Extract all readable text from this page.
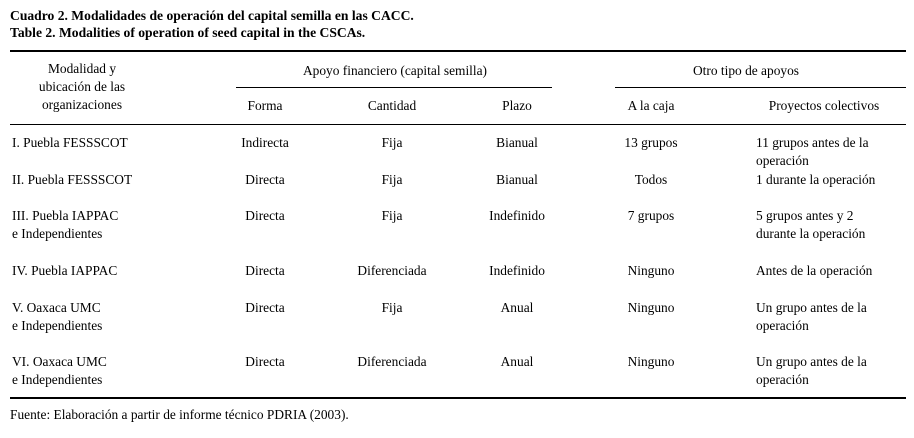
Cuadro 2. Modalidades de operación del capital semilla en las CACC.
Table 2. Modalities of operation of seed capital in the CSCAs.
Modalidad y
ubicación de las
organizaciones
Apoyo financiero (capital semilla)	Otro tipo de apoyos
Forma	Cantidad	Plazo	A la caja	Proyectos colectivos
I. Puebla FESSSCOT	Indirecta	Fija	Bianual	13 grupos	11 grupos antes de la
operación
II. Puebla FESSSCOT	Directa	Fija	Bianual	Todos	1 durante la operación
III. Puebla IAPPAC
e Independientes
Directa	Fija	Indefinido	7 grupos	5 grupos antes y 2
durante la operación
IV. Puebla IAPPAC	Directa	Diferenciada	Indefinido	Ninguno	Antes de la operación
V. Oaxaca UMC
e Independientes
Directa	Fija	Anual	Ninguno	Un grupo antes de la
operación
VI. Oaxaca UMC
e Independientes
Directa	Diferenciada	Anual	Ninguno	Un grupo antes de la
operación
Fuente: Elaboración a partir de informe técnico PDRIA (2003).
